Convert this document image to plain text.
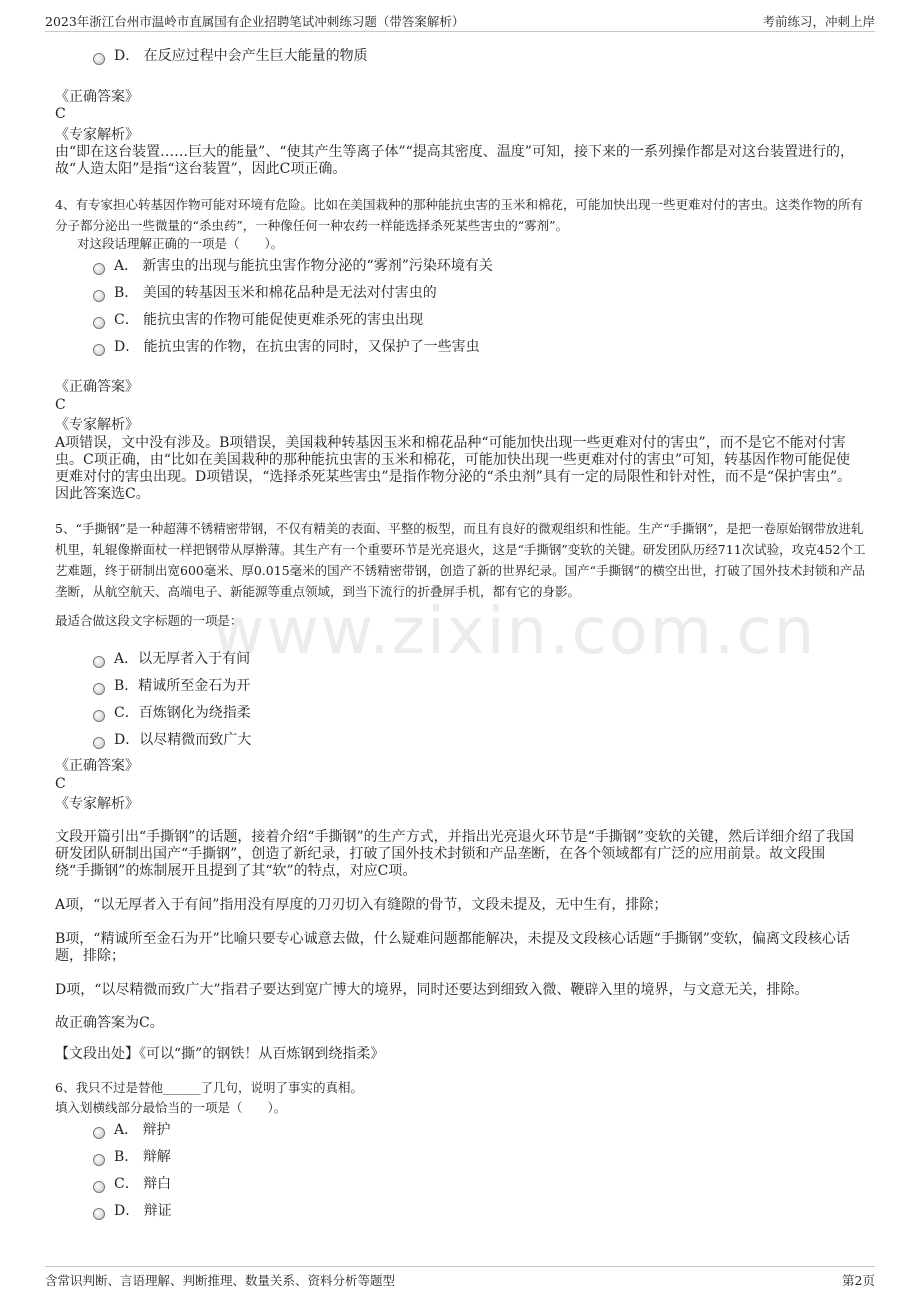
www.zixin.com.cn
2023年浙江台州市温岭市直属国有企业招聘笔试冲刺练习题（带答案解析）	考前练习，冲刺上岸
D． 在反应过程中会产生巨大能量的物质
《正确答案》
C
《专家解析》
由“即在这台装置……巨大的能量”、“使其产生等离子体”“提高其密度、温度”可知，接下来的一系列操作都是对这台装置进行的，故“人造太阳”是指“这台装置”，因此C项正确。
4、有专家担心转基因作物可能对环境有危险。比如在美国栽种的那种能抗虫害的玉米和棉花，可能加快出现一些更难对付的害虫。这类作物的所有分子都分泌出一些微量的“杀虫药”，一种像任何一种农药一样能选择杀死某些害虫的“雾剂”。
对这段话理解正确的一项是（　　）。
A． 新害虫的出现与能抗虫害作物分泌的“雾剂”污染环境有关
B． 美国的转基因玉米和棉花品种是无法对付害虫的
C． 能抗虫害的作物可能促使更难杀死的害虫出现
D． 能抗虫害的作物，在抗虫害的同时，又保护了一些害虫
《正确答案》
C
《专家解析》
A项错误，文中没有涉及。B项错误，美国栽种转基因玉米和棉花品种“可能加快出现一些更难对付的害虫”，而不是它不能对付害虫。C项正确，由“比如在美国栽种的那种能抗虫害的玉米和棉花，可能加快出现一些更难对付的害虫”可知，转基因作物可能促使更难对付的害虫出现。D项错误，“选择杀死某些害虫”是指作物分泌的“杀虫剂”具有一定的局限性和针对性，而不是“保护害虫”。因此答案选C。
5、“手撕钢”是一种超薄不锈精密带钢，不仅有精美的表面、平整的板型，而且有良好的微观组织和性能。生产“手撕钢”，是把一卷原始钢带放进轧机里，轧辊像擀面杖一样把钢带从厚擀薄。其生产有一个重要环节是光亮退火，这是“手撕钢”变软的关键。研发团队历经711次试验，攻克452个工艺难题，终于研制出宽600毫米、厚0.015毫米的国产不锈精密带钢，创造了新的世界纪录。国产“手撕钢”的横空出世，打破了国外技术封锁和产品垄断，从航空航天、高端电子、新能源等重点领域，到当下流行的折叠屏手机，都有它的身影。
最适合做这段文字标题的一项是：
A．以无厚者入于有间
B．精诚所至金石为开
C．百炼钢化为绕指柔
D．以尽精微而致广大
《正确答案》
C
《专家解析》
文段开篇引出“手撕钢”的话题，接着介绍“手撕钢”的生产方式，并指出光亮退火环节是“手撕钢”变软的关键，然后详细介绍了我国研发团队研制出国产“手撕钢”，创造了新纪录，打破了国外技术封锁和产品垄断，在各个领域都有广泛的应用前景。故文段围绕“手撕钢”的炼制展开且提到了其“软”的特点，对应C项。
A项，“以无厚者入于有间”指用没有厚度的刀刃切入有缝隙的骨节，文段未提及，无中生有，排除；
B项，“精诚所至金石为开”比喻只要专心诚意去做，什么疑难问题都能解决，未提及文段核心话题“手撕钢”变软，偏离文段核心话题，排除；
D项，“以尽精微而致广大”指君子要达到宽广博大的境界，同时还要达到细致入微、鞭辟入里的境界，与文意无关，排除。
故正确答案为C。
【文段出处】《可以“撕”的钢铁！从百炼钢到绕指柔》
6、我只不过是替他______了几句，说明了事实的真相。
填入划横线部分最恰当的一项是（　　）。
A． 辩护
B． 辩解
C． 辩白
D． 辩证
含常识判断、言语理解、判断推理、数量关系、资料分析等题型	第2页
